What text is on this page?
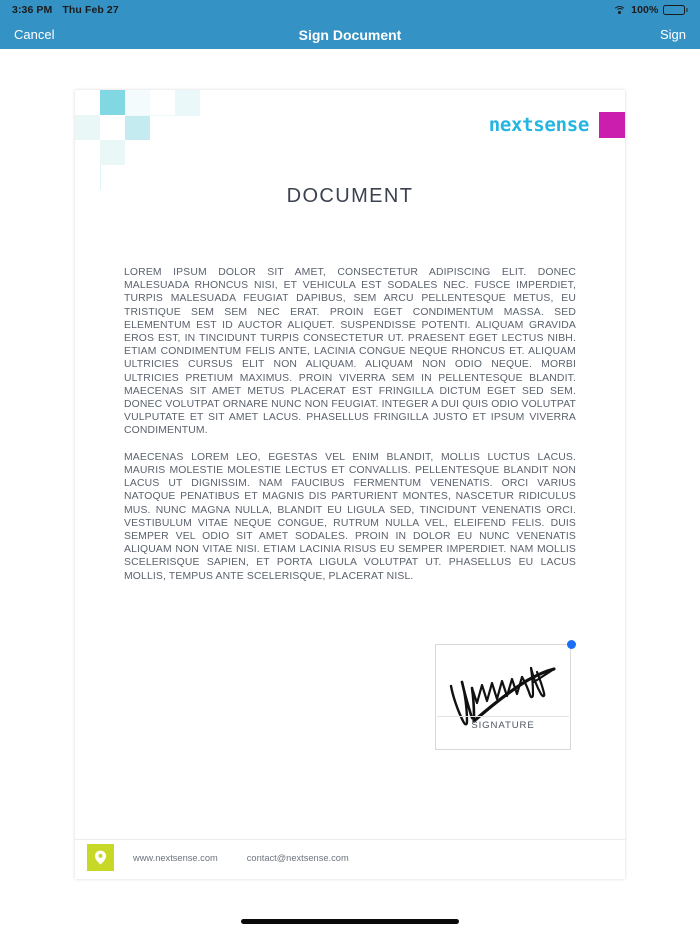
3:36 PM Thu Feb 27	100%
Cancel	Sign Document	Sign
nextsense
DOCUMENT

LOREM IPSUM DOLOR SIT AMET, CONSECTETUR ADIPISCING ELIT. DONEC MALESUADA RHONCUS NISI, ET VEHICULA EST SODALES NEC. FUSCE IMPERDIET, TURPIS MALESUADA FEUGIAT DAPIBUS, SEM ARCU PELLENTESQUE METUS, EU TRISTIQUE SEM SEM NEC ERAT. PROIN EGET CONDIMENTUM MASSA. SED ELEMENTUM EST ID AUCTOR ALIQUET. SUSPENDISSE POTENTI. ALIQUAM GRAVIDA EROS EST, IN TINCIDUNT TURPIS CONSECTETUR UT. PRAESENT EGET LECTUS NIBH. ETIAM CONDIMENTUM FELIS ANTE, LACINIA CONGUE NEQUE RHONCUS ET. ALIQUAM ULTRICIES CURSUS ELIT NON ALIQUAM. ALIQUAM NON ODIO NEQUE. MORBI ULTRICIES PRETIUM MAXIMUS. PROIN VIVERRA SEM IN PELLENTESQUE BLANDIT. MAECENAS SIT AMET METUS PLACERAT EST FRINGILLA DICTUM EGET SED SEM. DONEC VOLUTPAT ORNARE NUNC NON FEUGIAT. INTEGER A DUI QUIS ODIO VOLUTPAT VULPUTATE ET SIT AMET LACUS. PHASELLUS FRINGILLA JUSTO ET IPSUM VIVERRA CONDIMENTUM.

MAECENAS LOREM LEO, EGESTAS VEL ENIM BLANDIT, MOLLIS LUCTUS LACUS. MAURIS MOLESTIE MOLESTIE LECTUS ET CONVALLIS. PELLENTESQUE BLANDIT NON LACUS UT DIGNISSIM. NAM FAUCIBUS FERMENTUM VENENATIS. ORCI VARIUS NATOQUE PENATIBUS ET MAGNIS DIS PARTURIENT MONTES, NASCETUR RIDICULUS MUS. NUNC MAGNA NULLA, BLANDIT EU LIGULA SED, TINCIDUNT VENENATIS ORCI. VESTIBULUM VITAE NEQUE CONGUE, RUTRUM NULLA VEL, ELEIFEND FELIS. DUIS SEMPER VEL ODIO SIT AMET SODALES. PROIN IN DOLOR EU NUNC VENENATIS ALIQUAM NON VITAE NISI. ETIAM LACINIA RISUS EU SEMPER IMPERDIET. NAM MOLLIS SCELERISQUE SAPIEN, ET PORTA LIGULA VOLUTPAT UT. PHASELLUS EU LACUS MOLLIS, TEMPUS ANTE SCELERISQUE, PLACERAT NISL.

SIGNATURE
www.nextsense.com	contact@nextsense.com
